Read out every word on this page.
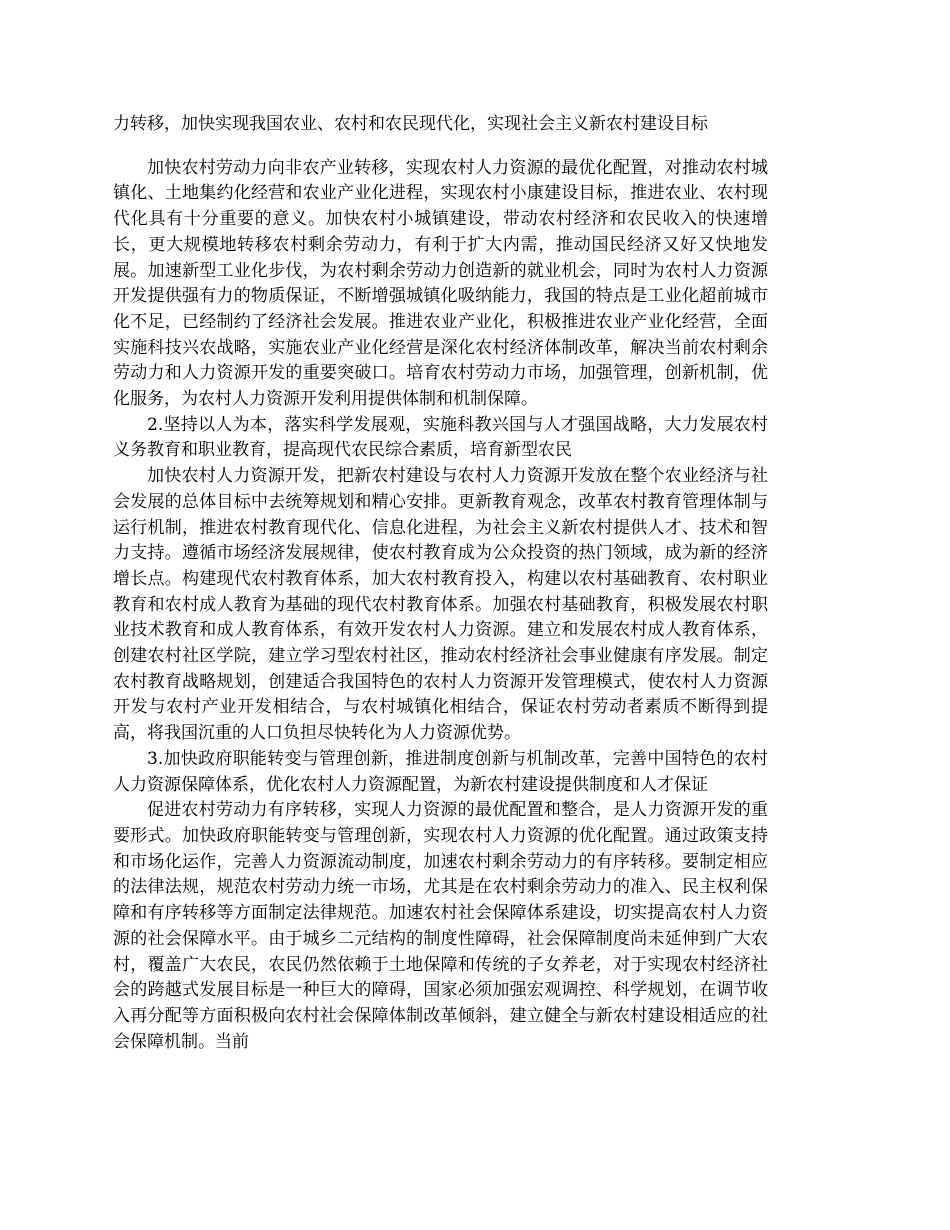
力转移，加快实现我国农业、农村和农民现代化，实现社会主义新农村建设目标

加快农村劳动力向非农产业转移，实现农村人力资源的最优化配置，对推动农村城镇化、土地集约化经营和农业产业化进程，实现农村小康建设目标，推进农业、农村现代化具有十分重要的意义。加快农村小城镇建设，带动农村经济和农民收入的快速增长，更大规模地转移农村剩余劳动力，有利于扩大内需，推动国民经济又好又快地发展。加速新型工业化步伐，为农村剩余劳动力创造新的就业机会，同时为农村人力资源开发提供强有力的物质保证，不断增强城镇化吸纳能力，我国的特点是工业化超前城市化不足，已经制约了经济社会发展。推进农业产业化，积极推进农业产业化经营，全面实施科技兴农战略，实施农业产业化经营是深化农村经济体制改革，解决当前农村剩余劳动力和人力资源开发的重要突破口。培育农村劳动力市场，加强管理，创新机制，优化服务，为农村人力资源开发利用提供体制和机制保障。

2.坚持以人为本，落实科学发展观，实施科教兴国与人才强国战略，大力发展农村义务教育和职业教育，提高现代农民综合素质，培育新型农民

加快农村人力资源开发，把新农村建设与农村人力资源开发放在整个农业经济与社会发展的总体目标中去统筹规划和精心安排。更新教育观念，改革农村教育管理体制与运行机制，推进农村教育现代化、信息化进程，为社会主义新农村提供人才、技术和智力支持。遵循市场经济发展规律，使农村教育成为公众投资的热门领域，成为新的经济增长点。构建现代农村教育体系，加大农村教育投入，构建以农村基础教育、农村职业教育和农村成人教育为基础的现代农村教育体系。加强农村基础教育，积极发展农村职业技术教育和成人教育体系，有效开发农村人力资源。建立和发展农村成人教育体系，创建农村社区学院，建立学习型农村社区，推动农村经济社会事业健康有序发展。制定农村教育战略规划，创建适合我国特色的农村人力资源开发管理模式，使农村人力资源开发与农村产业开发相结合，与农村城镇化相结合，保证农村劳动者素质不断得到提高，将我国沉重的人口负担尽快转化为人力资源优势。

3.加快政府职能转变与管理创新，推进制度创新与机制改革，完善中国特色的农村人力资源保障体系，优化农村人力资源配置，为新农村建设提供制度和人才保证

促进农村劳动力有序转移，实现人力资源的最优配置和整合，是人力资源开发的重要形式。加快政府职能转变与管理创新，实现农村人力资源的优化配置。通过政策支持和市场化运作，完善人力资源流动制度，加速农村剩余劳动力的有序转移。要制定相应的法律法规，规范农村劳动力统一市场，尤其是在农村剩余劳动力的准入、民主权利保障和有序转移等方面制定法律规范。加速农村社会保障体系建设，切实提高农村人力资源的社会保障水平。由于城乡二元结构的制度性障碍，社会保障制度尚未延伸到广大农村，覆盖广大农民，农民仍然依赖于土地保障和传统的子女养老，对于实现农村经济社会的跨越式发展目标是一种巨大的障碍，国家必须加强宏观调控、科学规划，在调节收入再分配等方面积极向农村社会保障体制改革倾斜，建立健全与新农村建设相适应的社会保障机制。当前
